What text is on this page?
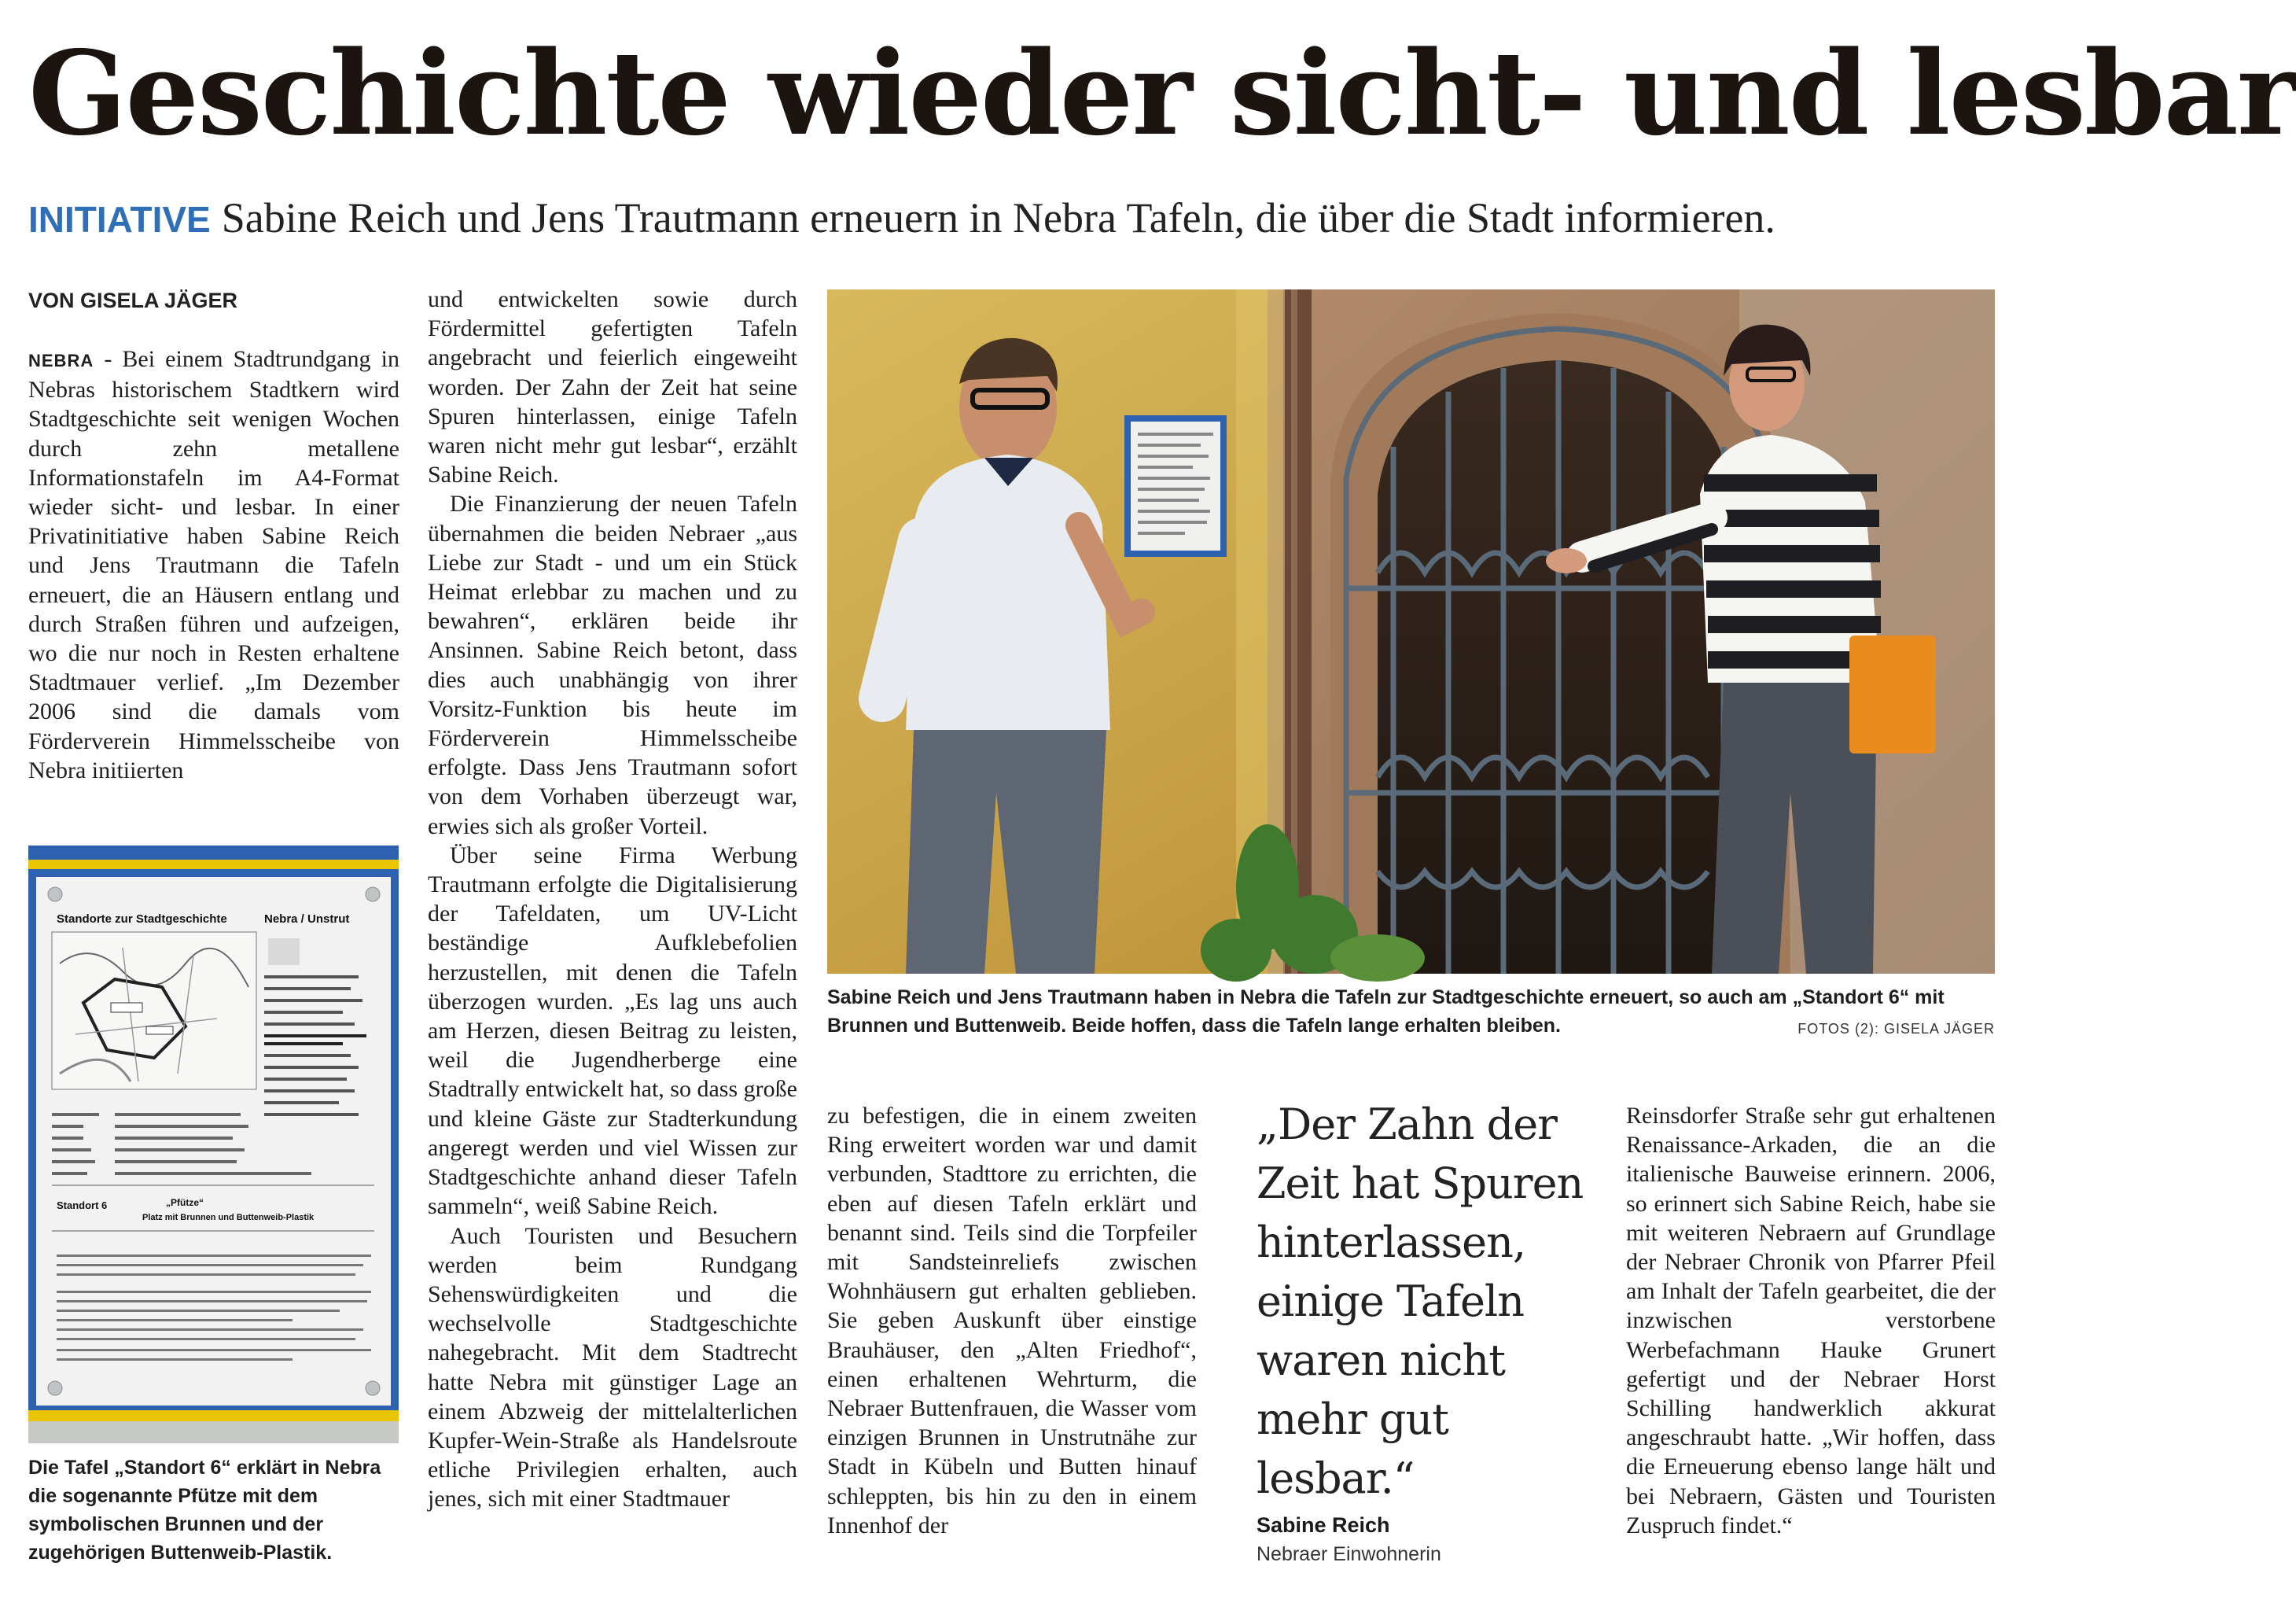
Geschichte wieder sicht- und lesbar
INITIATIVE Sabine Reich und Jens Trautmann erneuern in Nebra Tafeln, die über die Stadt informieren.
VON GISELA JÄGER

NEBRA - Bei einem Stadtrundgang in Nebras historischem Stadtkern wird Stadtgeschichte seit wenigen Wochen durch zehn metallene Informationstafeln im A4-Format wieder sicht- und lesbar. In einer Privatinitiative haben Sabine Reich und Jens Trautmann die Tafeln erneuert, die an Häusern entlang und durch Straßen führen und aufzeigen, wo die nur noch in Resten erhaltene Stadtmauer verlief. „Im Dezember 2006 sind die damals vom Förderverein Himmelsscheibe von Nebra initiierten

Standorte zur Stadtgeschichte	Nebra / Unstrut
Standort 6	„Pfütze“
Platz mit Brunnen und Buttenweib-Plastik
Die Tafel „Standort 6“ erklärt in Nebra die sogenannte Pfütze mit dem symbolischen Brunnen und der zugehörigen Buttenweib-Plastik.

und entwickelten sowie durch Fördermittel gefertigten Tafeln angebracht und feierlich eingeweiht worden. Der Zahn der Zeit hat seine Spuren hinterlassen, einige Tafeln waren nicht mehr gut lesbar“, erzählt Sabine Reich.

Die Finanzierung der neuen Tafeln übernahmen die beiden Nebraer „aus Liebe zur Stadt - und um ein Stück Heimat erlebbar zu machen und zu bewahren“, erklären beide ihr Ansinnen. Sabine Reich betont, dass dies auch unabhängig von ihrer Vorsitz-Funktion bis heute im Förderverein Himmelsscheibe erfolgte. Dass Jens Trautmann sofort von dem Vorhaben überzeugt war, erwies sich als großer Vorteil.

Über seine Firma Werbung Trautmann erfolgte die Digitalisierung der Tafeldaten, um UV-Licht beständige Aufklebefolien herzustellen, mit denen die Tafeln überzogen wurden. „Es lag uns auch am Herzen, diesen Beitrag zu leisten, weil die Jugendherberge eine Stadtrally entwickelt hat, so dass große und kleine Gäste zur Stadterkundung angeregt werden und viel Wissen zur Stadtgeschichte anhand dieser Tafeln sammeln“, weiß Sabine Reich.

Auch Touristen und Besuchern werden beim Rundgang Sehenswürdigkeiten und die wechselvolle Stadtgeschichte nahegebracht. Mit dem Stadtrecht hatte Nebra mit günstiger Lage an einem Abzweig der mittelalterlichen Kupfer-Wein-Straße als Handelsroute etliche Privilegien erhalten, auch jenes, sich mit einer Stadtmauer

Sabine Reich und Jens Trautmann haben in Nebra die Tafeln zur Stadtgeschichte erneuert, so auch am „Standort 6“ mit Brunnen und Buttenweib. Beide hoffen, dass die Tafeln lange erhalten bleiben.	FOTOS (2): GISELA JÄGER

zu befestigen, die in einem zweiten Ring erweitert worden war und damit verbunden, Stadttore zu errichten, die eben auf diesen Tafeln erklärt und benannt sind. Teils sind die Torpfeiler mit Sandsteinreliefs zwischen Wohnhäusern gut erhalten geblieben. Sie geben Auskunft über einstige Brauhäuser, den „Alten Friedhof“, einen erhaltenen Wehrturm, die Nebraer Buttenfrauen, die Wasser vom einzigen Brunnen in Unstrutnähe zur Stadt in Kübeln und Butten hinauf schleppten, bis hin zu den in einem Innenhof der

„Der Zahn der Zeit hat Spuren hinterlassen, einige Tafeln waren nicht mehr gut lesbar.“
Sabine Reich
Nebraer Einwohnerin

Reinsdorfer Straße sehr gut erhaltenen Renaissance-Arkaden, die an die italienische Bauweise erinnern. 2006, so erinnert sich Sabine Reich, habe sie mit weiteren Nebraern auf Grundlage der Nebraer Chronik von Pfarrer Pfeil am Inhalt der Tafeln gearbeitet, die der inzwischen verstorbene Werbefachmann Hauke Grunert gefertigt und der Nebraer Horst Schilling handwerklich akkurat angeschraubt hatte. „Wir hoffen, dass die Erneuerung ebenso lange hält und bei Nebraern, Gästen und Touristen Zuspruch findet.“
